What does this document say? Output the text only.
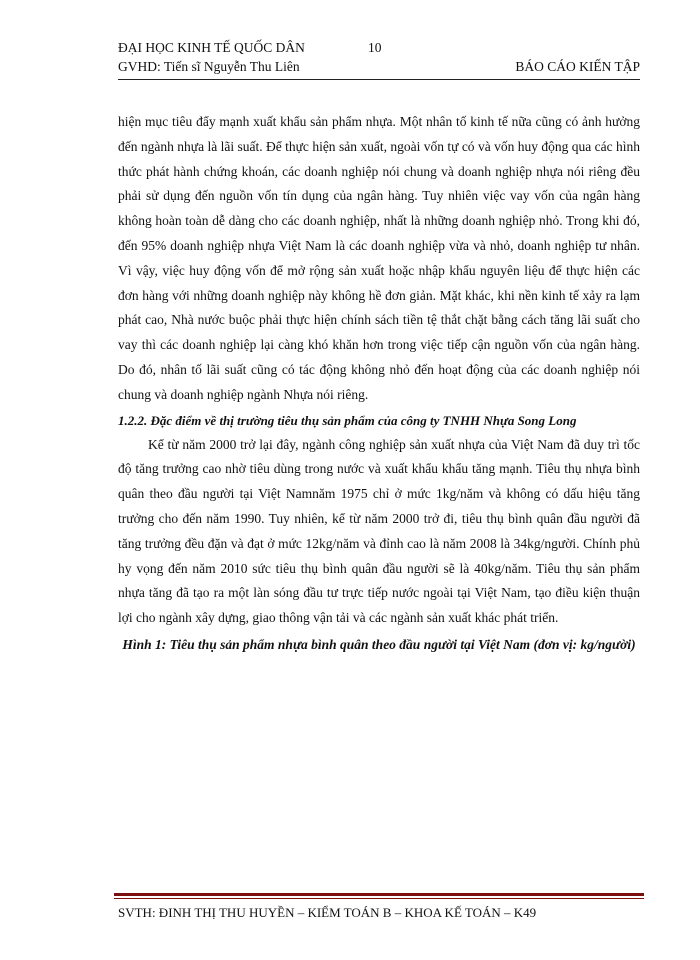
ĐẠI HỌC KINH TẾ QUỐC DÂN	10
GVHD: Tiến sĩ Nguyễn Thu Liên	BÁO CÁO KIẾN TẬP

hiện mục tiêu đẩy mạnh xuất khẩu sản phẩm nhựa. Một nhân tố kinh tế nữa cũng có ảnh hưởng đến ngành nhựa là lãi suất. Để thực hiện sản xuất, ngoài vốn tự có và vốn huy động qua các hình thức phát hành chứng khoán, các doanh nghiệp nói chung và doanh nghiệp nhựa nói riêng đều phải sử dụng đến nguồn vốn tín dụng của ngân hàng. Tuy nhiên việc vay vốn của ngân hàng không hoàn toàn dễ dàng cho các doanh nghiệp, nhất là những doanh nghiệp nhỏ. Trong khi đó, đến 95% doanh nghiệp nhựa Việt Nam là các doanh nghiệp vừa và nhỏ, doanh nghiệp tư nhân. Vì vậy, việc huy động vốn để mở rộng sản xuất hoặc nhập khẩu nguyên liệu để thực hiện các đơn hàng với những doanh nghiệp này không hề đơn giản. Mặt khác, khi nền kinh tế xảy ra lạm phát cao, Nhà nước buộc phải thực hiện chính sách tiền tệ thắt chặt bằng cách tăng lãi suất cho vay thì các doanh nghiệp lại càng khó khăn hơn trong việc tiếp cận nguồn vốn của ngân hàng. Do đó, nhân tố lãi suất cũng có tác động không nhỏ đến hoạt động của các doanh nghiệp nói chung và doanh nghiệp ngành Nhựa nói riêng.

1.2.2. Đặc điểm về thị trường tiêu thụ sản phẩm của công ty TNHH Nhựa Song Long

Kể từ năm 2000 trở lại đây, ngành công nghiệp sản xuất nhựa của Việt Nam đã duy trì tốc độ tăng trưởng cao nhờ tiêu dùng trong nước và xuất khẩu khẩu tăng mạnh. Tiêu thụ nhựa bình quân theo đầu người tại Việt Namnăm 1975 chỉ ở mức 1kg/năm và không có dấu hiệu tăng trưởng cho đến năm 1990. Tuy nhiên, kể từ năm 2000 trở đi, tiêu thụ bình quân đầu người đã tăng trưởng đều đặn và đạt ở mức 12kg/năm và đỉnh cao là năm 2008 là 34kg/người. Chính phủ hy vọng đến năm 2010 sức tiêu thụ bình quân đầu người sẽ là 40kg/năm. Tiêu thụ sản phẩm nhựa tăng đã tạo ra một làn sóng đầu tư trực tiếp nước ngoài tại Việt Nam, tạo điều kiện thuận lợi cho ngành xây dựng, giao thông vận tải và các ngành sản xuất khác phát triển.

Hình 1: Tiêu thụ sản phẩm nhựa bình quân theo đầu người tại Việt Nam (đơn vị: kg/người)

SVTH: ĐINH THỊ THU HUYỀN – KIỂM TOÁN B – KHOA KẾ TOÁN – K49
